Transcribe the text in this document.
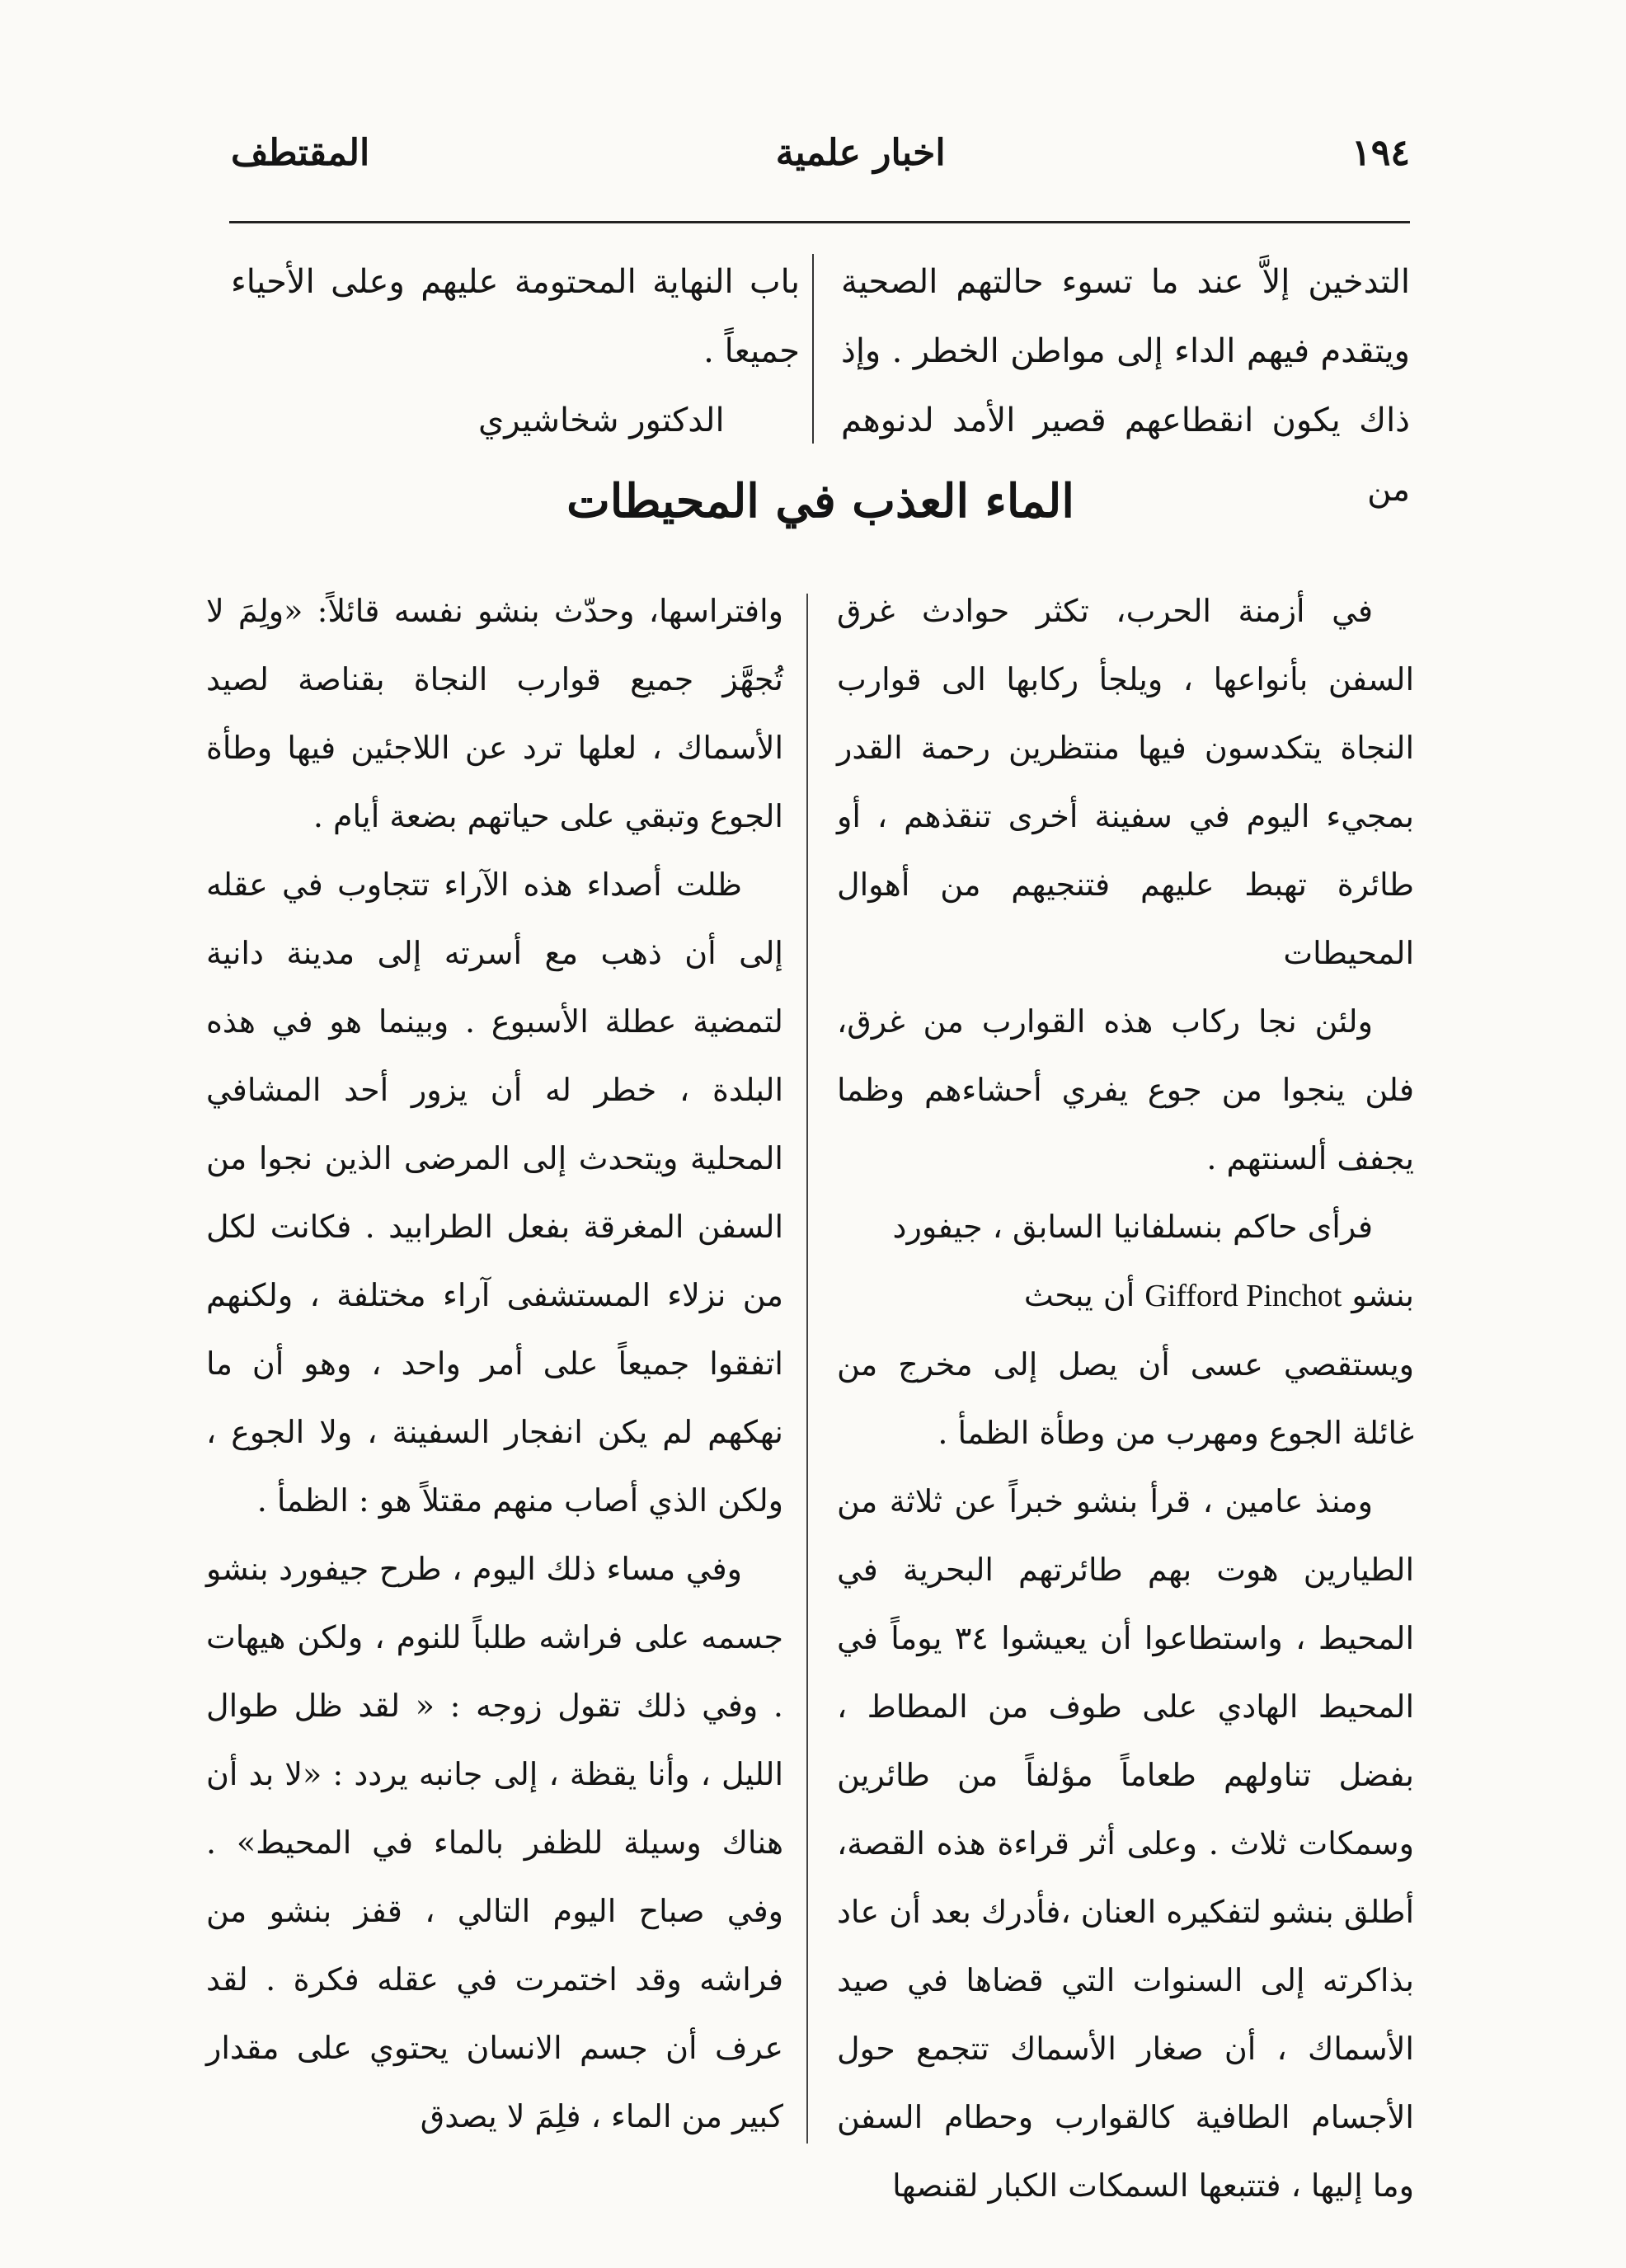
١٩٤
اخبار علمية
المقتطف
التدخين إلاَّ عند ما تسوء حالتهم الصحية ويتقدم فيهم الداء إلى مواطن الخطر . وإذ ذاك يكون انقطاعهم قصير الأمد لدنوهم من
باب النهاية المحتومة عليهم وعلى الأحياء جميعاً .
الدكتور شخاشيري
الماء العذب في المحيطات

في أزمنة الحرب، تكثر حوادث غرق السفن بأنواعها ، ويلجأ ركابها الى قوارب النجاة يتكدسون فيها منتظرين رحمة القدر بمجيء اليوم في سفينة أخرى تنقذهم ، أو طائرة تهبط عليهم فتنجيهم من أهوال المحيطات

ولئن نجا ركاب هذه القوارب من غرق، فلن ينجوا من جوع يفري أحشاءهم وظما يجفف ألسنتهم .

فرأى حاكم بنسلفانيا السابق ، جيفورد

بنشو Gifford Pinchot أن يبحث

ويستقصي عسى أن يصل إلى مخرج من غائلة الجوع ومهرب من وطأة الظمأ .

ومنذ عامين ، قرأ بنشو خبراً عن ثلاثة من الطيارين هوت بهم طائرتهم البحرية في المحيط ، واستطاعوا أن يعيشوا ٣٤ يوماً في المحيط الهادي على طوف من المطاط ، بفضل تناولهم طعاماً مؤلفاً من طائرين وسمكات ثلاث . وعلى أثر قراءة هذه القصة، أطلق بنشو لتفكيره العنان ،فأدرك بعد أن عاد بذاكرته إلى السنوات التي قضاها في صيد الأسماك ، أن صغار الأسماك تتجمع حول الأجسام الطافية كالقوارب وحطام السفن وما إليها ، فتتبعها السمكات الكبار لقنصها

وافتراسها، وحدّث بنشو نفسه قائلاً: «ولِمَ لا تُجهَّز جميع قوارب النجاة بقناصة لصيد الأسماك ، لعلها ترد عن اللاجئين فيها وطأة الجوع وتبقي على حياتهم بضعة أيام .

ظلت أصداء هذه الآراء تتجاوب في عقله إلى أن ذهب مع أسرته إلى مدينة دانية لتمضية عطلة الأسبوع . وبينما هو في هذه البلدة ، خطر له أن يزور أحد المشافي المحلية ويتحدث إلى المرضى الذين نجوا من السفن المغرقة بفعل الطرابيد . فكانت لكل من نزلاء المستشفى آراء مختلفة ، ولكنهم اتفقوا جميعاً على أمر واحد ، وهو أن ما نهكهم لم يكن انفجار السفينة ، ولا الجوع ، ولكن الذي أصاب منهم مقتلاً هو : الظمأ .

وفي مساء ذلك اليوم ، طرح جيفورد بنشو جسمه على فراشه طلباً للنوم ، ولكن هيهات . وفي ذلك تقول زوجه : « لقد ظل طوال الليل ، وأنا يقظة ، إلى جانبه يردد : «لا بد أن هناك وسيلة للظفر بالماء في المحيط» . وفي صباح اليوم التالي ، قفز بنشو من فراشه وقد اختمرت في عقله فكرة . لقد عرف أن جسم الانسان يحتوي على مقدار كبير من الماء ، فلِمَ لا يصدق
